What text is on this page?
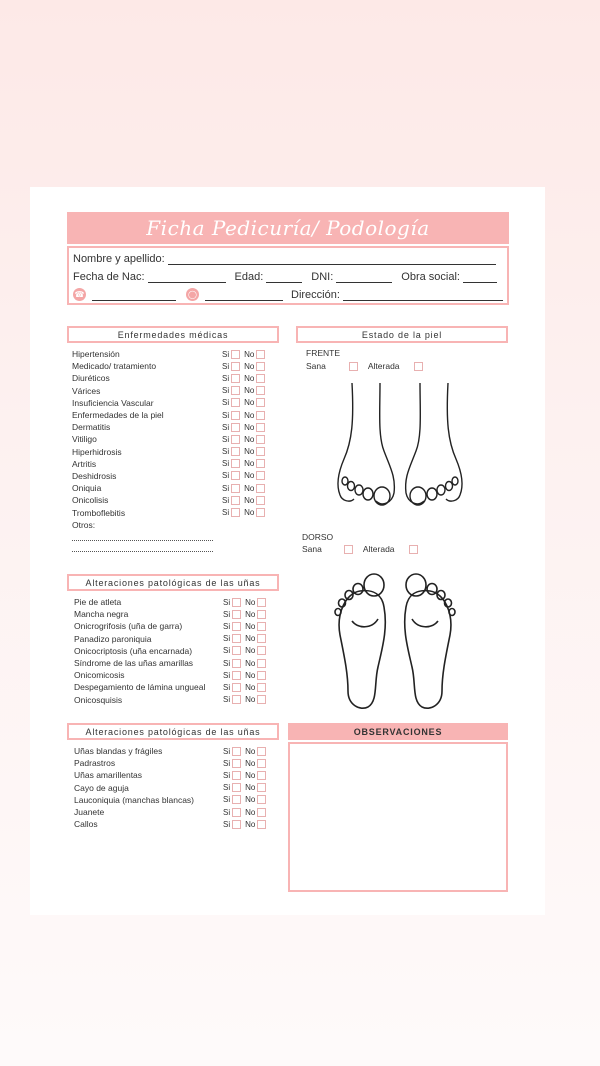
Ficha Pedicuría/ Podología
Nombre y apellido:
Fecha de Nac:	Edad:	DNI:	Obra social:
☎	◯	Dirección:
Enfermedades médicas
Hipertensión	Si No
Medicado/ tratamiento	Si No
Diuréticos	Si No
Várices	Si No
Insuficiencia Vascular	Si No
Enfermedades de la piel	Si No
Dermatitis	Si No
Vitiligo	Si No
Hiperhidrosis	Si No
Artritis	Si No
Deshidrosis	Si No
Oniquia	Si No
Onicolisis	Si No
Tromboflebitis	Si No
Otros:
Estado de la piel
FRENTE
Sana	Alterada
DORSO
Sana	Alterada
Alteraciones patológicas de las uñas
Pie de atleta	Si No
Mancha negra	Si No
Onicrogrifosis (uña de garra)	Si No
Panadizo paroniquia	Si No
Onicocriptosis (uña encarnada)	Si No
Síndrome de las uñas amarillas	Si No
Onicomicosis	Si No
Despegamiento de lámina ungueal Si No
Onicosquisis	Si No
Alteraciones patológicas de las uñas
Uñas blandas y frágiles	Si No
Padrastros	Si No
Uñas amarillentas	Si No
Cayo de aguja	Si No
Lauconiquia (manchas blancas)	Si No
Juanete	Si No
Callos	Si No
OBSERVACIONES
